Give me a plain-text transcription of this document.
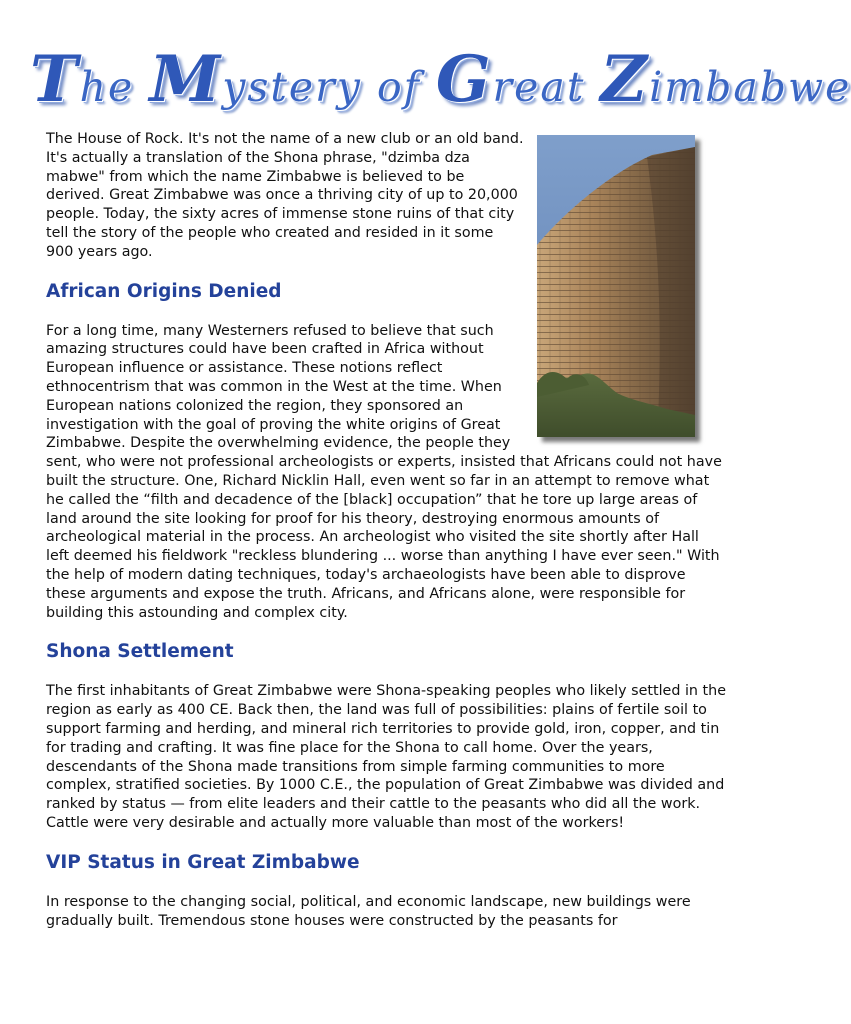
The Mystery of Great Zimbabwe

The House of Rock. It's not the name of a new club or an old band. It's actually a translation of the Shona phrase, "dzimba dza mabwe" from which the name Zimbabwe is believed to be derived. Great Zimbabwe was once a thriving city of up to 20,000 people. Today, the sixty acres of immense stone ruins of that city tell the story of the people who created and resided in it some 900 years ago.

African Origins Denied

For a long time, many Westerners refused to believe that such amazing structures could have been crafted in Africa without European influence or assistance. These notions reflect ethnocentrism that was common in the West at the time. When European nations colonized the region, they sponsored an investigation with the goal of proving the white origins of Great Zimbabwe. Despite the overwhelming evidence, the people they sent, who were not professional archeologists or experts, insisted that Africans could not have built the structure. One, Richard Nicklin Hall, even went so far in an attempt to remove what he called the “filth and decadence of the [black] occupation” that he tore up large areas of land around the site looking for proof for his theory, destroying enormous amounts of archeological material in the process. An archeologist who visited the site shortly after Hall left deemed his fieldwork "reckless blundering ... worse than anything I have ever seen." With the help of modern dating techniques, today's archaeologists have been able to disprove these arguments and expose the truth. Africans, and Africans alone, were responsible for building this astounding and complex city.

Shona Settlement

The first inhabitants of Great Zimbabwe were Shona-speaking peoples who likely settled in the region as early as 400 CE. Back then, the land was full of possibilities: plains of fertile soil to support farming and herding, and mineral rich territories to provide gold, iron, copper, and tin for trading and crafting. It was fine place for the Shona to call home. Over the years, descendants of the Shona made transitions from simple farming communities to more complex, stratified societies. By 1000 C.E., the population of Great Zimbabwe was divided and ranked by status — from elite leaders and their cattle to the peasants who did all the work. Cattle were very desirable and actually more valuable than most of the workers!

VIP Status in Great Zimbabwe

In response to the changing social, political, and economic landscape, new buildings were gradually built. Tremendous stone houses were constructed by the peasants for
